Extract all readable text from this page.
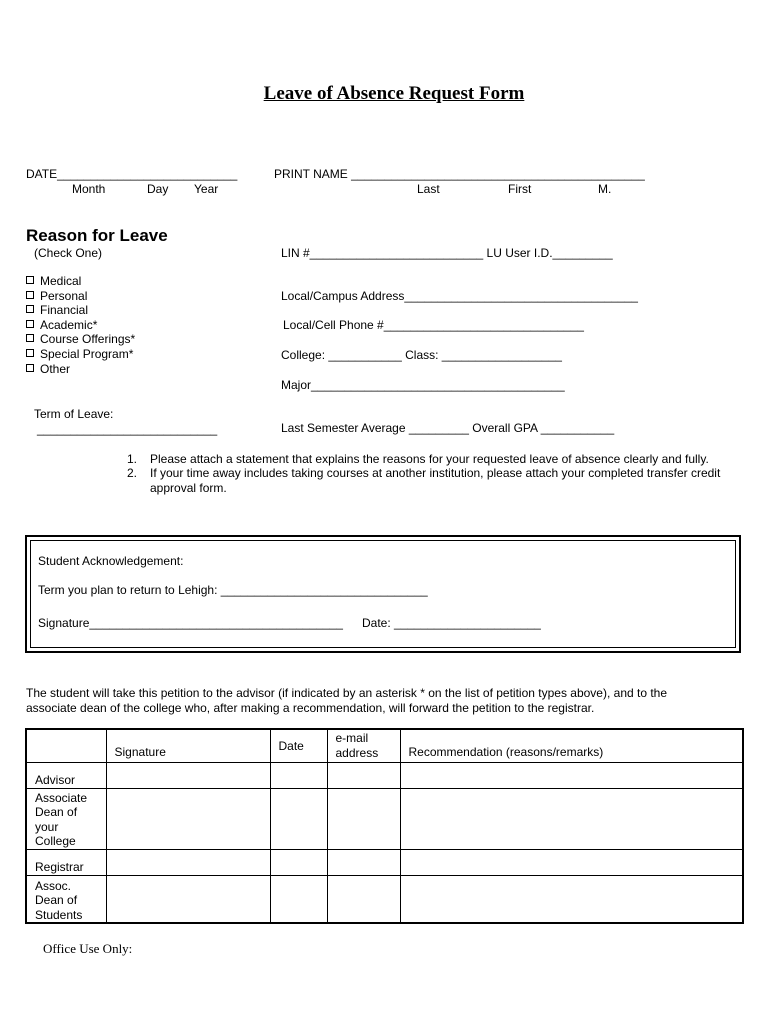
Leave of Absence Request Form
DATE___________________________
Month	Day Year
PRINT NAME ____________________________________________
Last	First	M.
Reason for Leave
(Check One)
Medical
Personal
Financial
Academic*
Course Offerings*
Special Program*
Other
Term of Leave:
___________________________
LIN #__________________________ LU User I.D._________
Local/Campus Address___________________________________
Local/Cell Phone #______________________________
College: ___________ Class: __________________
Major______________________________________
Last Semester Average _________ Overall GPA ___________
1. Please attach a statement that explains the reasons for your requested leave of absence clearly and fully.
2. If your time away includes taking courses at another institution, please attach your completed transfer credit
approval form.
Student Acknowledgement:
Term you plan to return to Lehigh: _______________________________
Signature______________________________________ Date: ______________________
The student will take this petition to the advisor (if indicated by an asterisk * on the list of petition types above), and to the
associate dean of the college who, after making a recommendation, will forward the petition to the registrar.

	Signature	Date	e-mail
address	Recommendation (reasons/remarks)

Advisor				

Associate
Dean of
your
College				

Registrar				

Assoc.
Dean of
Students				

Office Use Only:
